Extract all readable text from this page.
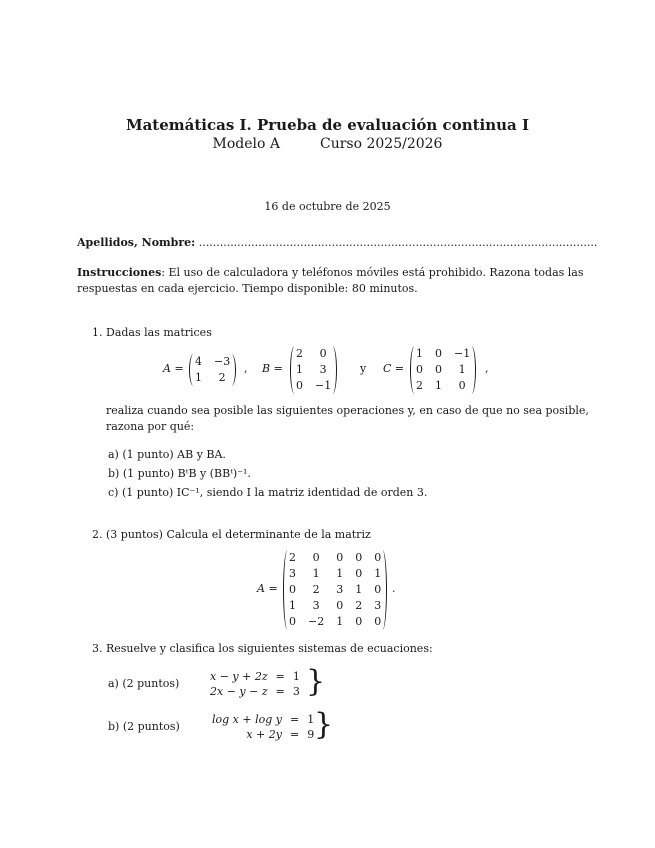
Matemáticas I. Prueba de evaluación continua I
Modelo A	Curso 2025/2026
16 de octubre de 2025
Apellidos, Nombre: ..................................................................................................................
Instrucciones: El uso de calculadora y teléfonos móviles está prohibido. Razona todas las
respuestas en cada ejercicio. Tiempo disponible: 80 minutos.
1. Dadas las matrices
A =
4	−3
1	2
, B =
2	0
1	3
0	−1
y C =
1	0	−1
0	0	1
2	1	0
,
realiza cuando sea posible las siguientes operaciones y, en caso de que no sea posible,
razona por qué:
a) (1 punto) AB y BA.
b) (1 punto) BᵗB y (BBᵗ)⁻¹.
c) (1 punto) IC⁻¹, siendo I la matriz identidad de orden 3.
2. (3 puntos) Calcula el determinante de la matriz
A =
2	0	0	0	0
3	1	1	0	1
0	2	3	1	0
1	3	0	2	3
0	−2	1	0	0
.
3. Resuelve y clasifica los siguientes sistemas de ecuaciones:
a) (2 puntos)
x − y + 2z	=	1
2x − y − z	=	3 }
b) (2 puntos)
log x + log y	=	1
x + 2y	=	9 }
